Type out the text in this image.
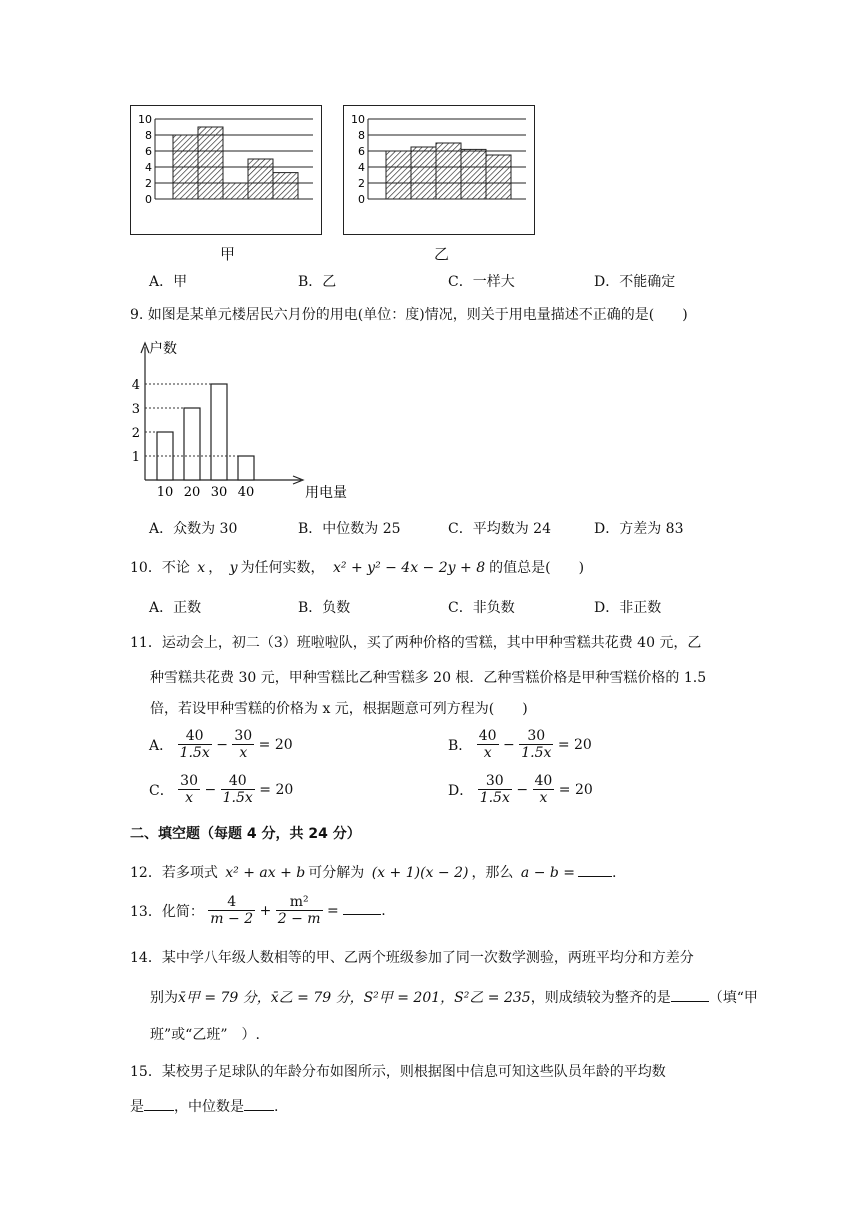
10
8
6
4
2
0
10
8
6
4
2
0
甲	乙
A．甲	B．乙	C．一样大	D．不能确定
9. 如图是某单元楼居民六月份的用电(单位：度)情况，则关于用电量描述不正确的是(　　)
户数
用电量
10 20 30 40
4
3
2
1
A．众数为 30	B．中位数为 25	C．平均数为 24	D．方差为 83
10．不论 x ， y 为任何实数， x² + y² − 4x − 2y + 8 的值总是(　　)
A．正数	B．负数	C．非负数	D．非正数
11．运动会上，初二（3）班啦啦队，买了两种价格的雪糕，其中甲种雪糕共花费 40 元，乙
种雪糕共花费 30 元，甲种雪糕比乙种雪糕多 20 根．乙种雪糕价格是甲种雪糕价格的 1.5
倍，若设甲种雪糕的价格为 x 元，根据题意可列方程为(　　)
A． $\frac{40}{1.5x} - \frac{30}{x} = 20$	B． $\frac{40}{x} - \frac{30}{1.5x} = 20$
C． $\frac{30}{x} - \frac{40}{1.5x} = 20$	D． $\frac{30}{1.5x} - \frac{40}{x} = 20$
二、填空题（每题 4 分，共 24 分）
12．若多项式 x² + ax + b 可分解为 (x + 1)(x − 2) ，那么 a − b =	.
13．化简： $\frac{4}{m - 2} + \frac{\text{m²}}{2 - m}$ =	.
14．某中学八年级人数相等的甲、乙两个班级参加了同一次数学测验，两班平均分和方差分
别为x̄甲 = 79 分，x̄乙 = 79 分，S²甲 = 201，S²乙 = 235，则成绩较为整齐的是	（填“甲
班”或“乙班”　）.
15．某校男子足球队的年龄分布如图所示，则根据图中信息可知这些队员年龄的平均数
是 ，中位数是 .
